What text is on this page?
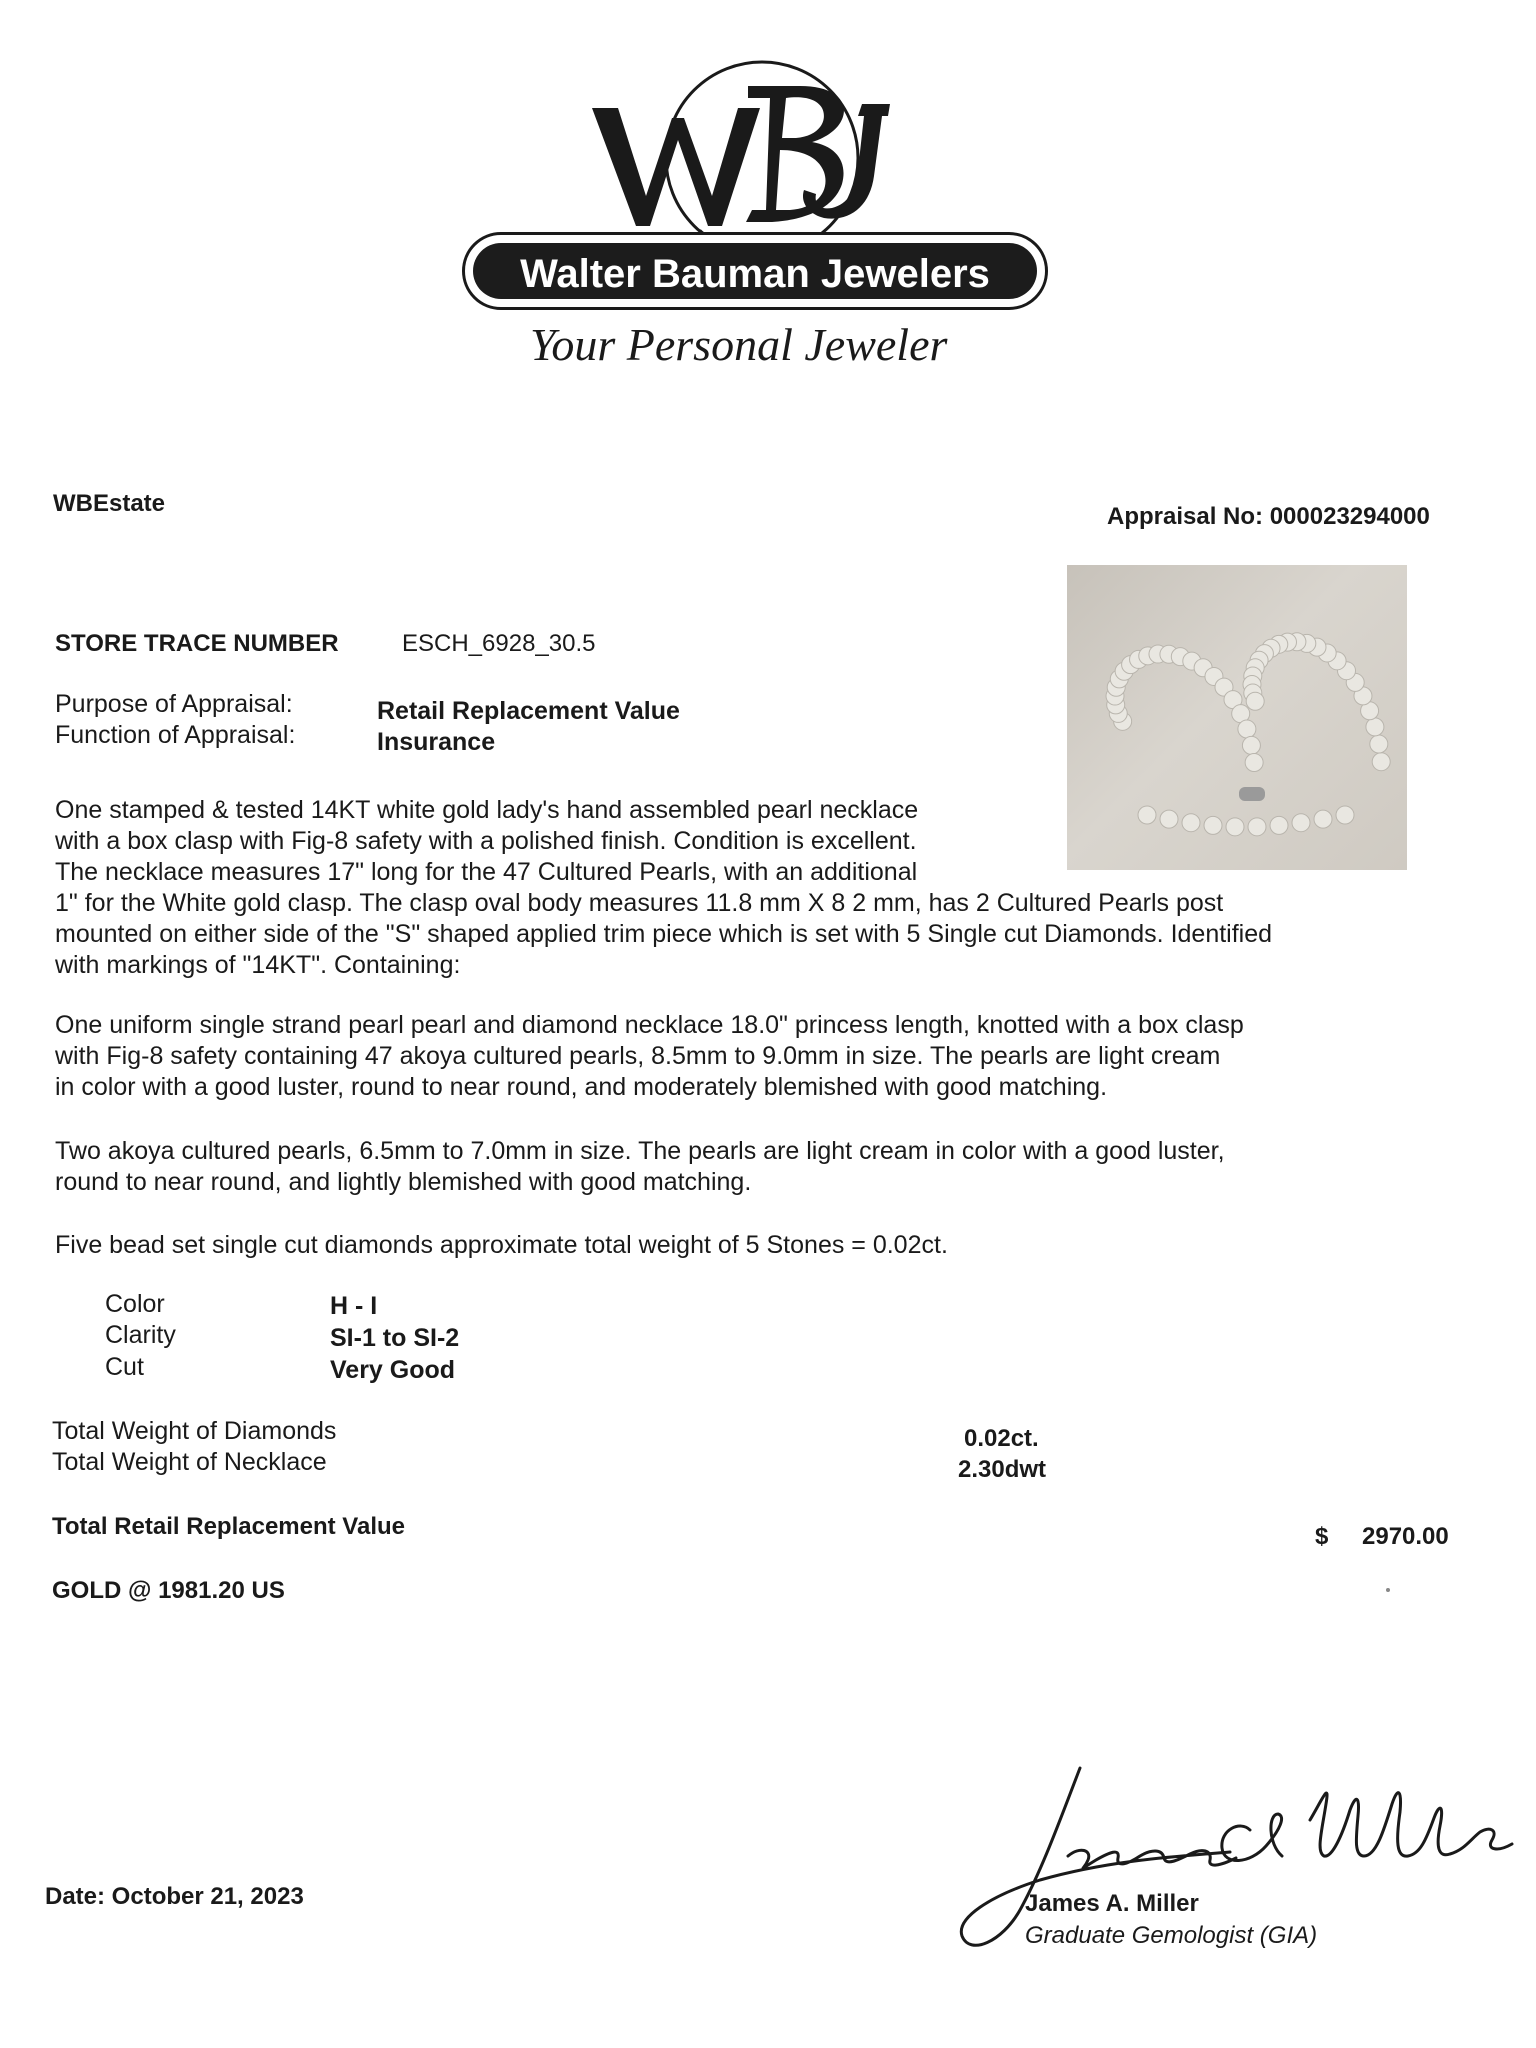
Walter Bauman Jewelers
Your Personal Jeweler
WBEstate	Appraisal No: 000023294000
STORE TRACE NUMBER	ESCH_6928_30.5
Purpose of Appraisal:	Retail Replacement Value
Function of Appraisal:	Insurance
One stamped & tested 14KT white gold lady's hand assembled pearl necklace
with a box clasp with Fig-8 safety with a polished finish. Condition is excellent.
The necklace measures 17" long for the 47 Cultured Pearls, with an additional
1" for the White gold clasp. The clasp oval body measures 11.8 mm X 8 2 mm, has 2 Cultured Pearls post
mounted on either side of the "S" shaped applied trim piece which is set with 5 Single cut Diamonds. Identified
with markings of "14KT". Containing:
One uniform single strand pearl pearl and diamond necklace 18.0" princess length, knotted with a box clasp
with Fig-8 safety containing 47 akoya cultured pearls, 8.5mm to 9.0mm in size. The pearls are light cream
in color with a good luster, round to near round, and moderately blemished with good matching.
Two akoya cultured pearls, 6.5mm to 7.0mm in size. The pearls are light cream in color with a good luster,
round to near round, and lightly blemished with good matching.
Five bead set single cut diamonds approximate total weight of 5 Stones = 0.02ct.
Color	H - I
Clarity	SI-1 to SI-2
Cut	Very Good
Total Weight of Diamonds	0.02ct.
Total Weight of Necklace	2.30dwt
Total Retail Replacement Value	$ 2970.00
GOLD @ 1981.20 US
Date: October 21, 2023	James A. Miller
Graduate Gemologist (GIA)
